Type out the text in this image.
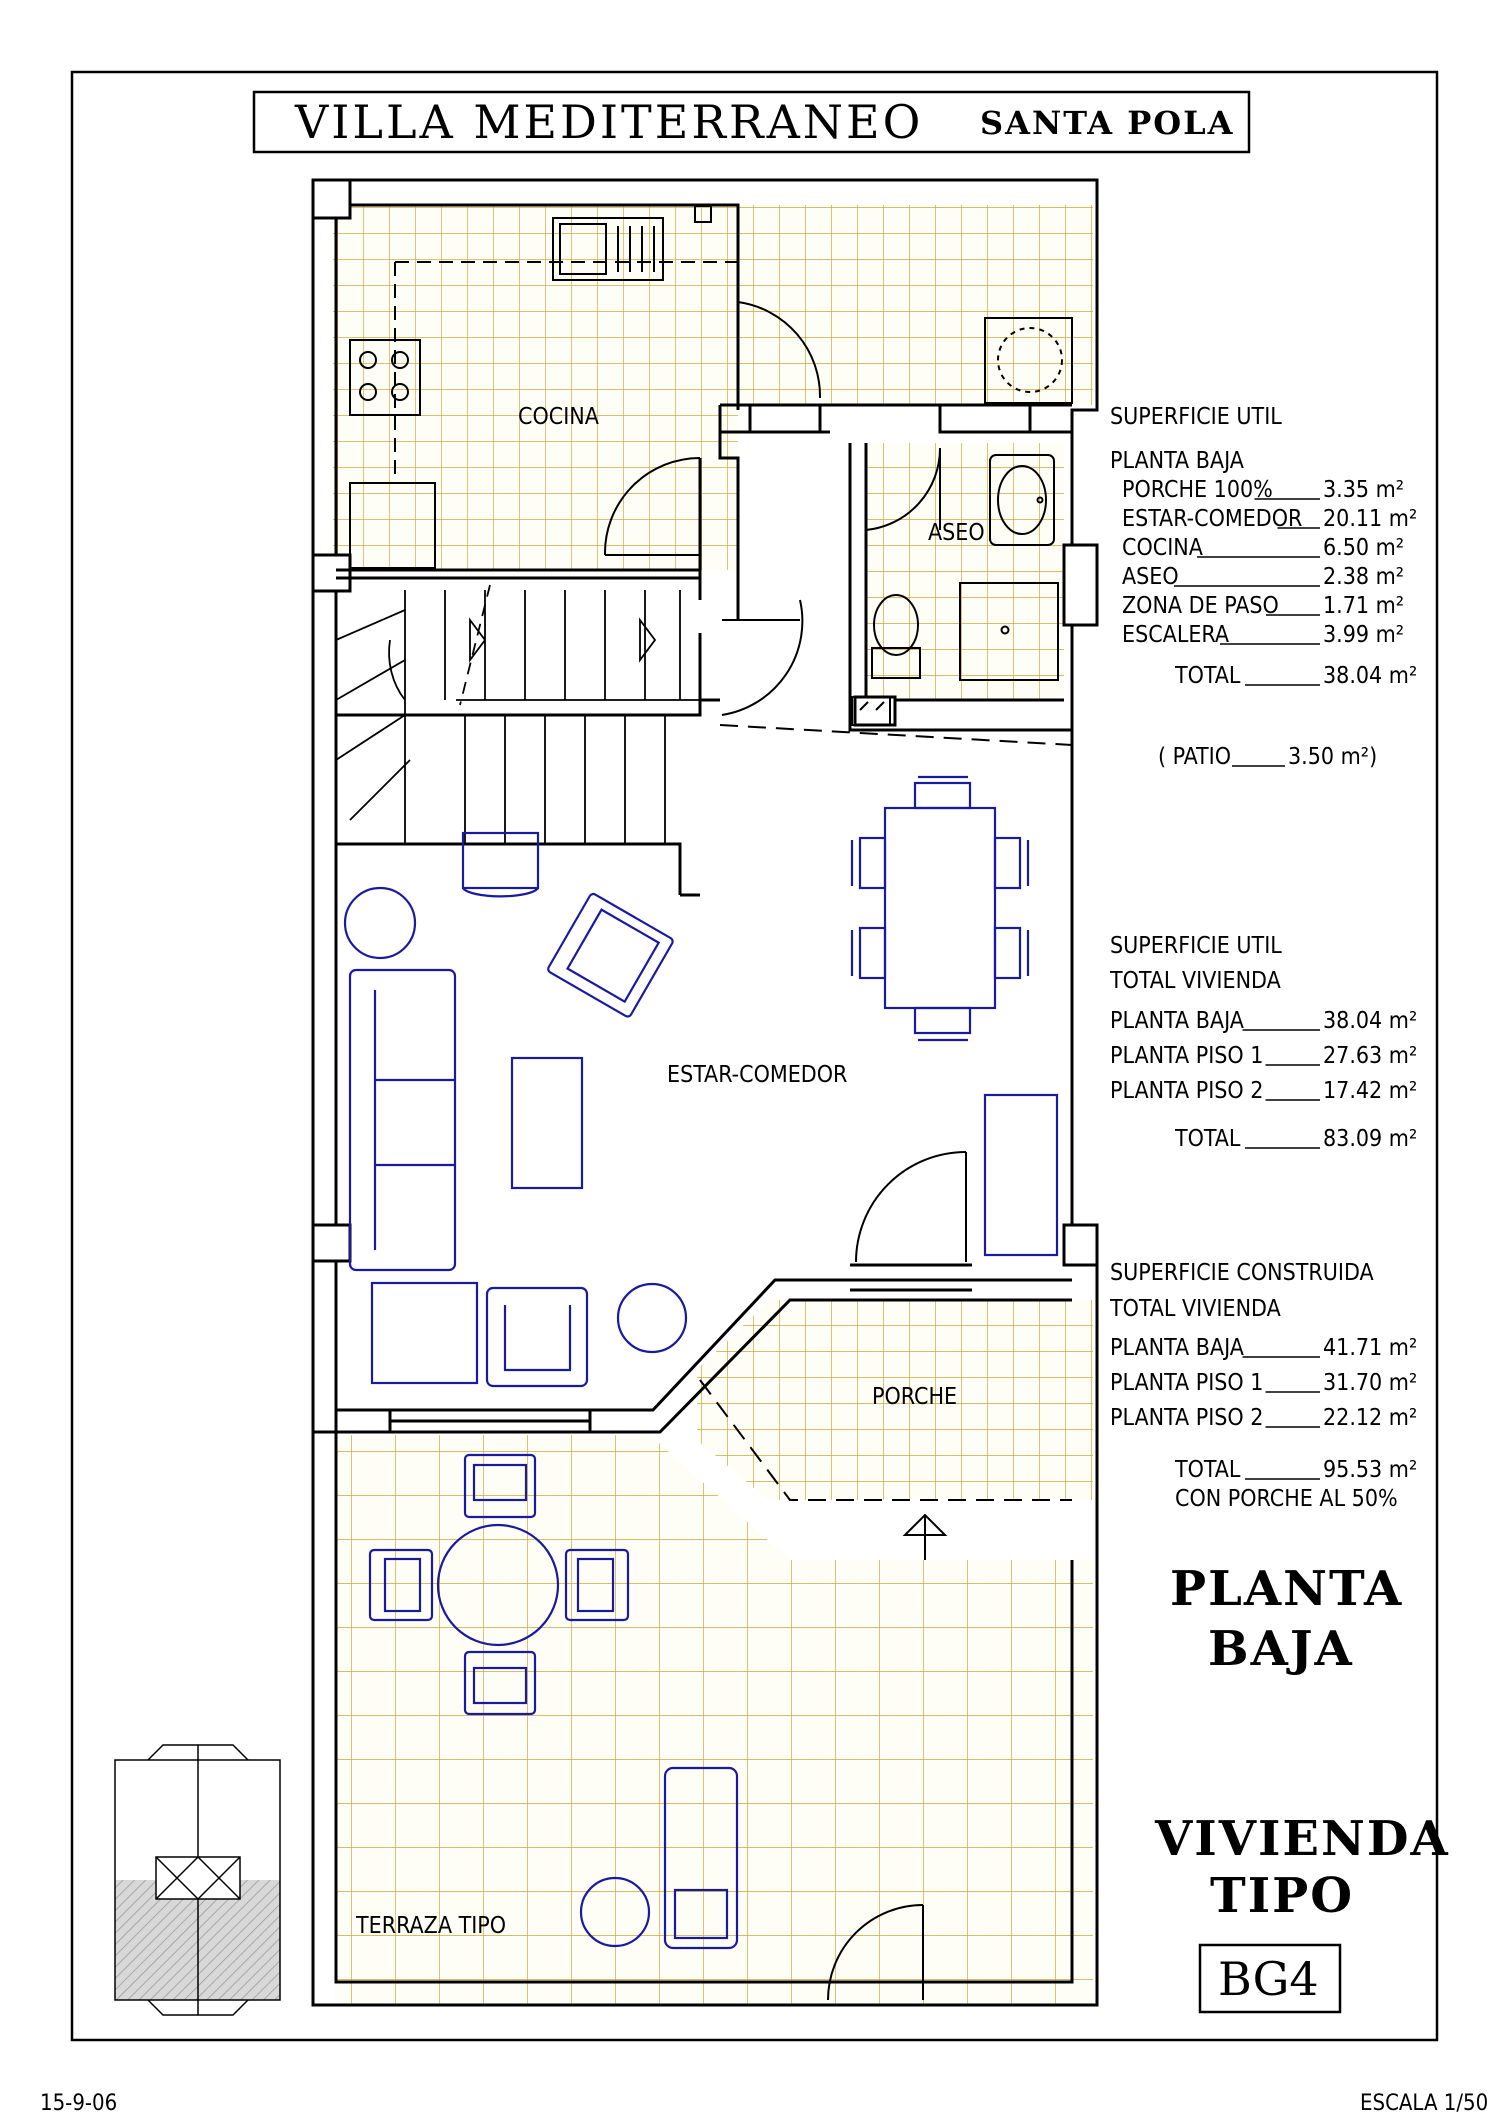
VILLA MEDITERRANEO SANTA POLA
COCINA
ASEO
ESTAR-COMEDOR
PORCHE
TERRAZA TIPO
SUPERFICIE UTIL
PLANTA BAJA
PORCHE 100% 3.35 m²
ESTAR-COMEDOR 20.11 m²
COCINA	6.50 m²
ASEO	2.38 m²
ZONA DE PASO 1.71 m²
ESCALERA	3.99 m²
TOTAL	38.04 m²
( PATIO 3.50 m²)
SUPERFICIE UTIL
TOTAL VIVIENDA
PLANTA BAJA	38.04 m²
PLANTA PISO 1	27.63 m²
PLANTA PISO 2	17.42 m²
TOTAL	83.09 m²
SUPERFICIE CONSTRUIDA
TOTAL VIVIENDA
PLANTA BAJA	41.71 m²
PLANTA PISO 1	31.70 m²
PLANTA PISO 2	22.12 m²
TOTAL	95.53 m²
CON PORCHE AL 50%
PLANTA
BAJA
VIVIENDA
TIPO
BG4
15-9-06	ESCALA 1/50
